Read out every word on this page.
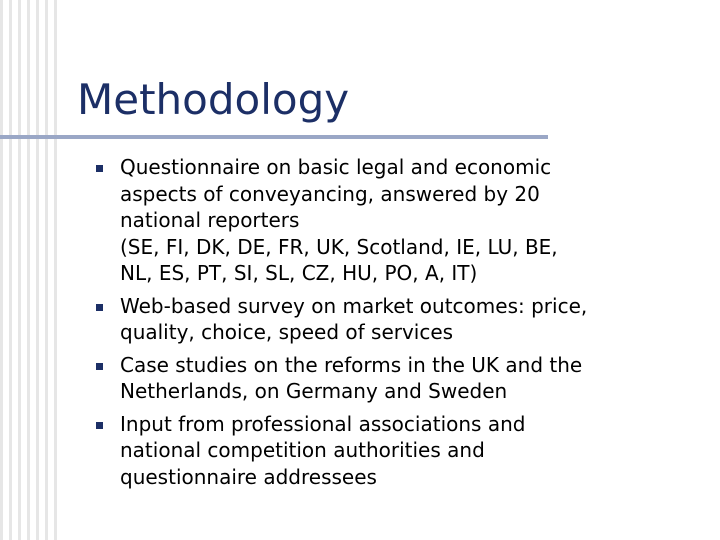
Methodology
Questionnaire on basic legal and economic
aspects of conveyancing, answered by 20
national reporters
(SE, FI, DK, DE, FR, UK, Scotland, IE, LU, BE,
NL, ES, PT, SI, SL, CZ, HU, PO, A, IT)
Web-based survey on market outcomes: price,
quality, choice, speed of services
Case studies on the reforms in the UK and the
Netherlands, on Germany and Sweden
Input from professional associations and
national competition authorities and
questionnaire addressees
